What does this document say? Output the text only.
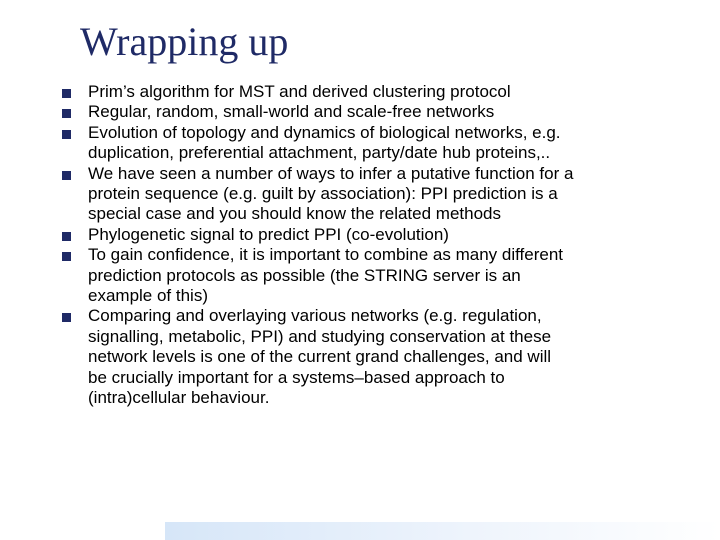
Wrapping up
Prim’s algorithm for MST and derived clustering protocol
Regular, random, small-world and scale-free networks
Evolution of topology and dynamics of biological networks, e.g.
duplication, preferential attachment, party/date hub proteins,..
We have seen a number of ways to infer a putative function for a
protein sequence (e.g. guilt by association): PPI prediction is a
special case and you should know the related methods
Phylogenetic signal to predict PPI (co-evolution)
To gain confidence, it is important to combine as many different
prediction protocols as possible (the STRING server is an
example of this)
Comparing and overlaying various networks (e.g. regulation,
signalling, metabolic, PPI) and studying conservation at these
network levels is one of the current grand challenges, and will
be crucially important for a systems–based approach to
(intra)cellular behaviour.
